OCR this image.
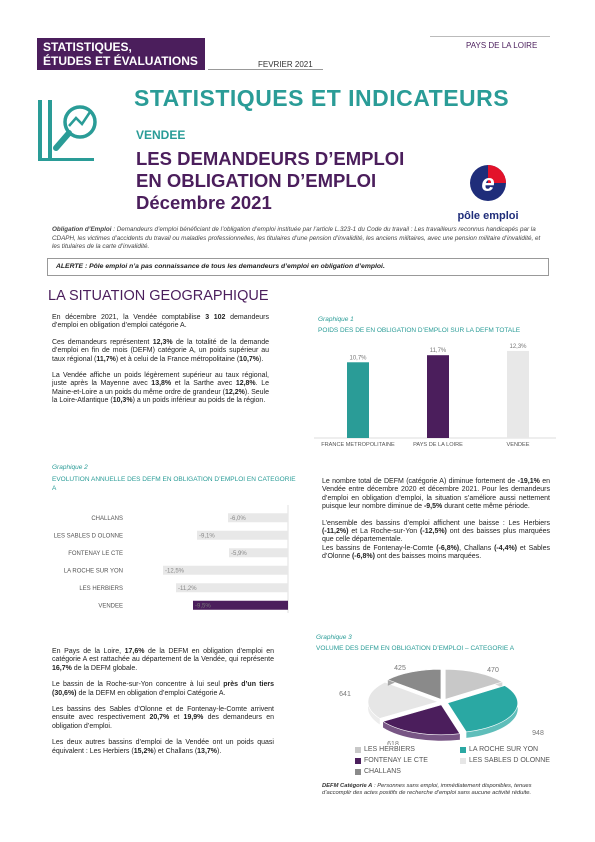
STATISTIQUES,
ÉTUDES ET ÉVALUATIONS	FEVRIER 2021
PAYS DE LA LOIRE
STATISTIQUES ET INDICATEURS
VENDEE
LES DEMANDEURS D’EMPLOI
EN OBLIGATION D’EMPLOI
Décembre 2021
e
pôle emploi
Obligation d’Emploi : Demandeurs d’emploi bénéficiant de l’obligation d’emploi instituée par l’article L.323-1 du Code du travail : Les travailleurs reconnus handicapés par la CDAPH, les victimes d’accidents du travail ou maladies professionnelles, les titulaires d’une pension d’invalidité, les anciens militaires, avec une pension militaire d’invalidité, et les titulaires de la carte d’invalidité.
ALERTE : Pôle emploi n’a pas connaissance de tous les demandeurs d’emploi en obligation d’emploi.
LA SITUATION GEOGRAPHIQUE

En décembre 2021, la Vendée comptabilise 3 102 demandeurs d’emploi en obligation d’emploi catégorie A.

Ces demandeurs représentent 12,3% de la totalité de la demande d’emploi en fin de mois (DEFM) catégorie A, un poids supérieur au taux régional (11,7%) et à celui de la France métropolitaine (10,7%).

La Vendée affiche un poids légèrement supérieur au taux régional, juste après la Mayenne avec 13,8% et la Sarthe avec 12,8%. Le Maine-et-Loire a un poids du même ordre de grandeur (12,2%). Seule la Loire-Atlantique (10,3%) a un poids inférieur au poids de la région.

Graphique 1
POIDS DES DE EN OBLIGATION D’EMPLOI SUR LA DEFM TOTALE
10,7%
FRANCE METROPOLITAINE
11,7%
PAYS DE LA LOIRE
12,3%
VENDEE
Graphique 2
EVOLUTION ANNUELLE DES DEFM EN OBLIGATION D’EMPLOI EN CATEGORIE A
-6,0%
CHALLANS
-9,1%
LES SABLES D OLONNE
-5,9%
FONTENAY LE CTE
-12,5%
LA ROCHE SUR YON
-11,2%
LES HERBIERS
-9,5%
VENDEE

Le nombre total de DEFM (catégorie A) diminue fortement de -19,1% en Vendée entre décembre 2020 et décembre 2021. Pour les demandeurs d’emploi en obligation d’emploi, la situation s’améliore aussi nettement puisque leur nombre diminue de -9,5% durant cette même période.

L’ensemble des bassins d’emploi affichent une baisse : Les Herbiers (-11,2%) et La Roche-sur-Yon (-12,5%) ont des baisses plus marquées que celle départementale.

Les bassins de Fontenay-le-Comte (-6,8%), Challans (-4,4%) et Sables d’Olonne (-6,8%) ont des baisses moins marquées.

En Pays de la Loire, 17,6% de la DEFM en obligation d’emploi en catégorie A est rattachée au département de la Vendée, qui représente 16,7% de la DEFM globale.

Le bassin de la Roche-sur-Yon concentre à lui seul près d’un tiers (30,6%) de la DEFM en obligation d’emploi Catégorie A.

Les bassins des Sables d’Olonne et de Fontenay-le-Comte arrivent ensuite avec respectivement 20,7% et 19,9% des demandeurs en obligation d’emploi.

Les deux autres bassins d’emploi de la Vendée ont un poids quasi équivalent : Les Herbiers (15,2%) et Challans (13,7%).

Graphique 3
VOLUME DES DEFM EN OBLIGATION D’EMPLOI – CATEGORIE A
470
948
618
641
425
LES HERBIERS	LA ROCHE SUR YON
FONTENAY LE CTE	LES SABLES D OLONNE
CHALLANS
DEFM Catégorie A : Personnes sans emploi, immédiatement disponibles, tenues d’accomplir des actes positifs de recherche d’emploi sans aucune activité réduite.
